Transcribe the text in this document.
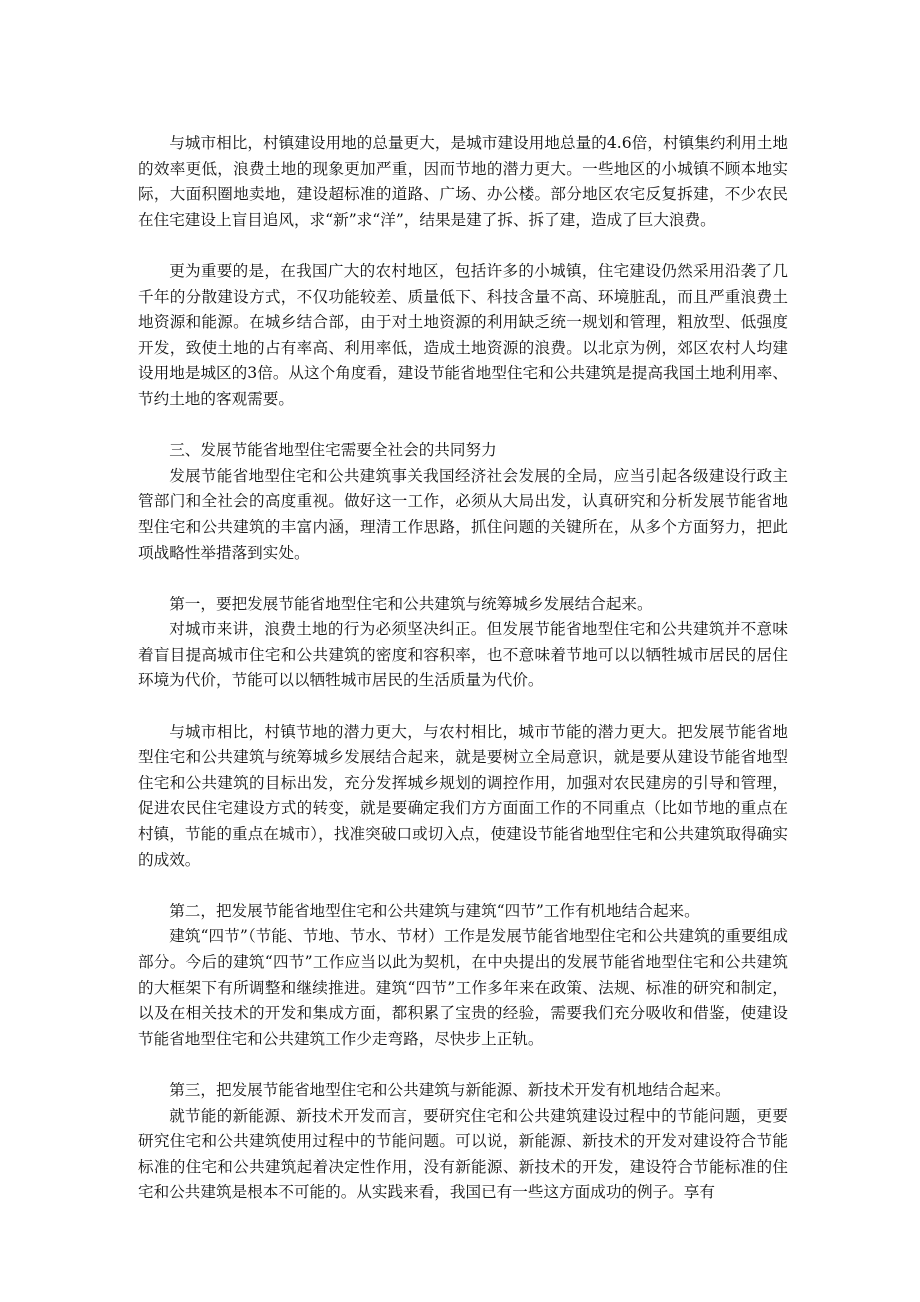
与城市相比，村镇建设用地的总量更大，是城市建设用地总量的4.6倍，村镇集约利用土地的效率更低，浪费土地的现象更加严重，因而节地的潜力更大。一些地区的小城镇不顾本地实际，大面积圈地卖地，建设超标准的道路、广场、办公楼。部分地区农宅反复拆建，不少农民在住宅建设上盲目追风，求“新”求“洋”，结果是建了拆、拆了建，造成了巨大浪费。

更为重要的是，在我国广大的农村地区，包括许多的小城镇，住宅建设仍然采用沿袭了几千年的分散建设方式，不仅功能较差、质量低下、科技含量不高、环境脏乱，而且严重浪费土地资源和能源。在城乡结合部，由于对土地资源的利用缺乏统一规划和管理，粗放型、低强度开发，致使土地的占有率高、利用率低，造成土地资源的浪费。以北京为例，郊区农村人均建设用地是城区的3倍。从这个角度看，建设节能省地型住宅和公共建筑是提高我国土地利用率、节约土地的客观需要。

三、发展节能省地型住宅需要全社会的共同努力

发展节能省地型住宅和公共建筑事关我国经济社会发展的全局，应当引起各级建设行政主管部门和全社会的高度重视。做好这一工作，必须从大局出发，认真研究和分析发展节能省地型住宅和公共建筑的丰富内涵，理清工作思路，抓住问题的关键所在，从多个方面努力，把此项战略性举措落到实处。

第一，要把发展节能省地型住宅和公共建筑与统筹城乡发展结合起来。

对城市来讲，浪费土地的行为必须坚决纠正。但发展节能省地型住宅和公共建筑并不意味着盲目提高城市住宅和公共建筑的密度和容积率，也不意味着节地可以以牺牲城市居民的居住环境为代价，节能可以以牺牲城市居民的生活质量为代价。

与城市相比，村镇节地的潜力更大，与农村相比，城市节能的潜力更大。把发展节能省地型住宅和公共建筑与统筹城乡发展结合起来，就是要树立全局意识，就是要从建设节能省地型住宅和公共建筑的目标出发，充分发挥城乡规划的调控作用，加强对农民建房的引导和管理，促进农民住宅建设方式的转变，就是要确定我们方方面面工作的不同重点（比如节地的重点在村镇，节能的重点在城市），找准突破口或切入点，使建设节能省地型住宅和公共建筑取得确实的成效。

第二，把发展节能省地型住宅和公共建筑与建筑“四节”工作有机地结合起来。

建筑“四节”（节能、节地、节水、节材）工作是发展节能省地型住宅和公共建筑的重要组成部分。今后的建筑“四节”工作应当以此为契机，在中央提出的发展节能省地型住宅和公共建筑的大框架下有所调整和继续推进。建筑“四节”工作多年来在政策、法规、标准的研究和制定，以及在相关技术的开发和集成方面，都积累了宝贵的经验，需要我们充分吸收和借鉴，使建设节能省地型住宅和公共建筑工作少走弯路，尽快步上正轨。

第三，把发展节能省地型住宅和公共建筑与新能源、新技术开发有机地结合起来。

就节能的新能源、新技术开发而言，要研究住宅和公共建筑建设过程中的节能问题，更要研究住宅和公共建筑使用过程中的节能问题。可以说，新能源、新技术的开发对建设符合节能标准的住宅和公共建筑起着决定性作用，没有新能源、新技术的开发，建设符合节能标准的住宅和公共建筑是根本不可能的。从实践来看，我国已有一些这方面成功的例子。享有
